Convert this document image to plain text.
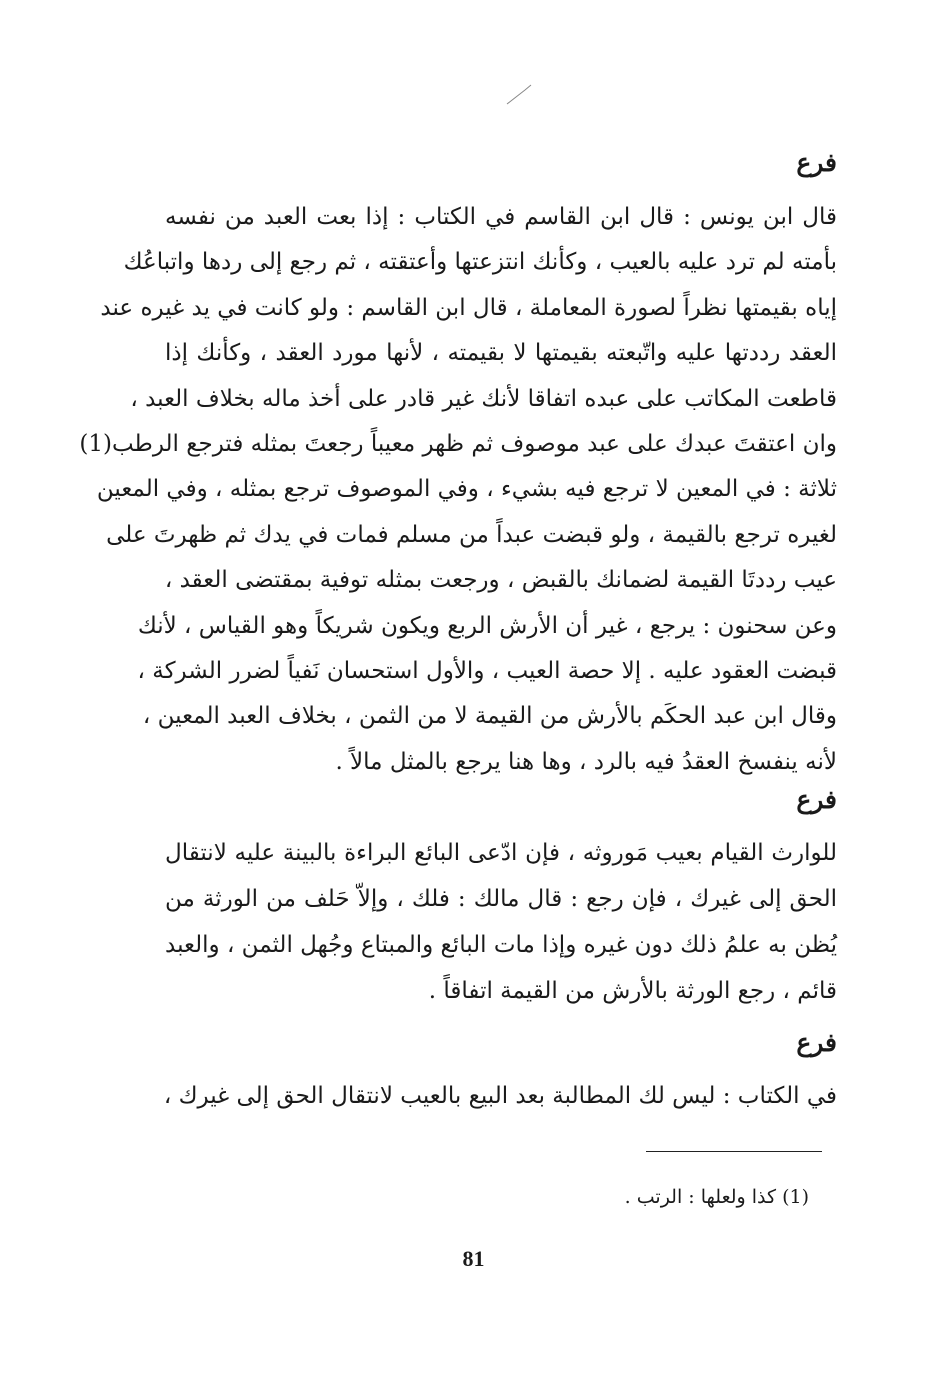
فرع
قال ابن يونس : قال ابن القاسم في الكتاب : إذا بعت العبد من نفسه
بأمته لم ترد عليه بالعيب ، وكأنك انتزعتها وأعتقته ، ثم رجع إلى ردها واتباعُك
إياه بقيمتها نظراً لصورة المعاملة ، قال ابن القاسم : ولو كانت في يد غيره عند
العقد رددتها عليه واتّبعته بقيمتها لا بقيمته ، لأنها مورد العقد ، وكأنك إذا
قاطعت المكاتب على عبده اتفاقا لأنك غير قادر على أخذ ماله بخلاف العبد ،
وان اعتقتَ عبدك على عبد موصوف ثم ظهر معيباً رجعتَ بمثله فترجع الرطب(1)
ثلاثة : في المعين لا ترجع فيه بشيء ، وفي الموصوف ترجع بمثله ، وفي المعين
لغيره ترجع بالقيمة ، ولو قبضت عبداً من مسلم فمات في يدك ثم ظهرتَ على
عيب رددتَا القيمة لضمانك بالقبض ، ورجعت بمثله توفية بمقتضى العقد ،
وعن سحنون : يرجع ، غير أن الأرش الربع ويكون شريكاً وهو القياس ، لأنك
قبضت العقود عليه . إلا حصة العيب ، والأول استحسان نَفياً لضرر الشركة ،
وقال ابن عبد الحكَم بالأرش من القيمة لا من الثمن ، بخلاف العبد المعين ،
لأنه ينفسخ العقدُ فيه بالرد ، وها هنا يرجع بالمثل مالاً .
فرع
للوارث القيام بعيب مَوروثه ، فإن ادّعى البائع البراءة بالبينة عليه لانتقال
الحق إلى غيرك ، فإن رجع : قال مالك : فلك ، وإلاّ حَلف من الورثة من
يُظن به علمُ ذلك دون غيره وإذا مات البائع والمبتاع وجُهل الثمن ، والعبد
قائم ، رجع الورثة بالأرش من القيمة اتفاقاً .
فرع
في الكتاب : ليس لك المطالبة بعد البيع بالعيب لانتقال الحق إلى غيرك ،
(1) كذا ولعلها : الرتب .
81
